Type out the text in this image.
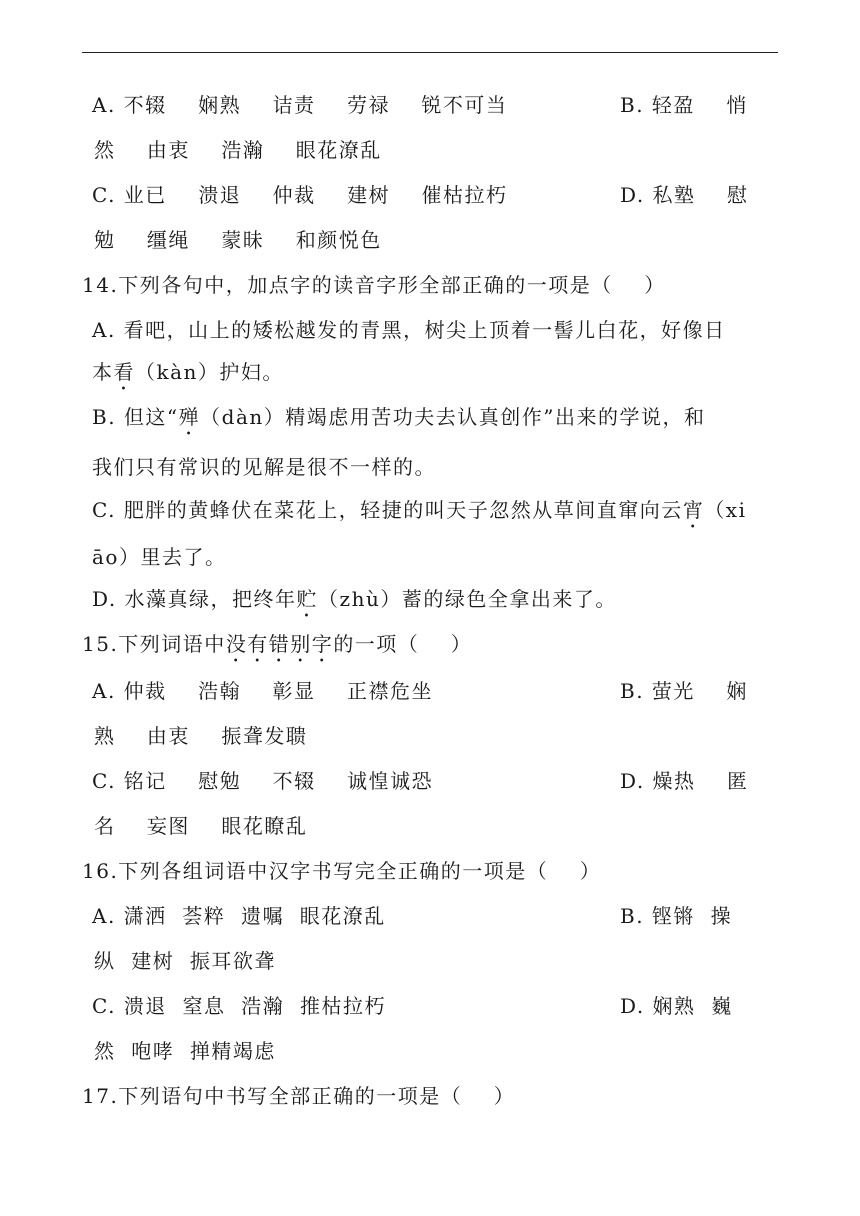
A. 不辍    娴熟    诘责    劳禄    锐不可当	B. 轻盈    悄
然    由衷    浩瀚    眼花潦乱
C. 业已    溃退    仲裁    建树    催枯拉朽	D. 私塾    慰
勉    缰绳    蒙昧    和颜悦色
14.下列各句中，加点字的读音字形全部正确的一项是（    ）
A. 看吧，山上的矮松越发的青黑，树尖上顶着一髻儿白花，好像日
本看（kàn）护妇。
B. 但这“殚（dàn）精竭虑用苦功夫去认真创作”出来的学说，和
我们只有常识的见解是很不一样的。
C. 肥胖的黄蜂伏在菜花上，轻捷的叫天子忽然从草间直窜向云宵（xi
āo）里去了。
D. 水藻真绿，把终年贮（zhù）蓄的绿色全拿出来了。
15.下列词语中没有错别字的一项（    ）
A. 仲裁    浩翰    彰显    正襟危坐	B. 萤光    娴
熟    由衷    振聋发聩
C. 铭记    慰勉    不辍    诚惶诚恐	D. 燥热    匿
名    妄图    眼花瞭乱
16.下列各组词语中汉字书写完全正确的一项是（    ）
A. 潇洒  荟粹  遗嘱  眼花潦乱	B. 铿锵  操
纵  建树  振耳欲聋
C. 溃退  窒息  浩瀚  推枯拉朽	D. 娴熟  巍
然  咆哮  掸精竭虑
17.下列语句中书写全部正确的一项是（    ）
